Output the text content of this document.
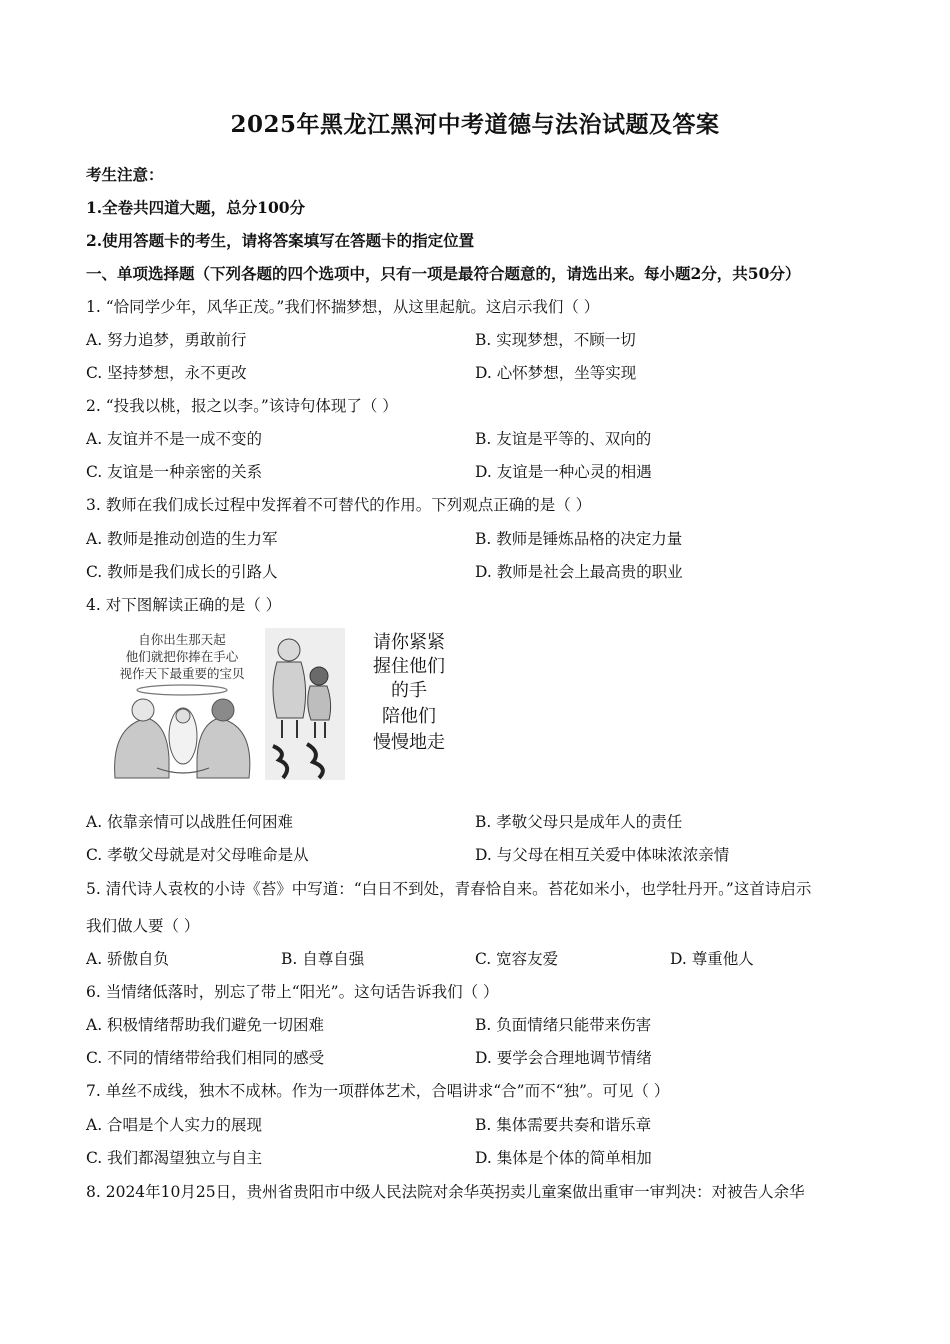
2025年黑龙江黑河中考道德与法治试题及答案
考生注意：
1.全卷共四道大题，总分100分
2.使用答题卡的考生，请将答案填写在答题卡的指定位置
一、单项选择题（下列各题的四个选项中，只有一项是最符合题意的，请选出来。每小题2分，共50分）
1. “恰同学少年，风华正茂。”我们怀揣梦想，从这里起航。这启示我们（ ）
A. 努力追梦，勇敢前行	B. 实现梦想，不顾一切
C. 坚持梦想，永不更改	D. 心怀梦想，坐等实现
2. “投我以桃，报之以李。”该诗句体现了（ ）
A. 友谊并不是一成不变的	B. 友谊是平等的、双向的
C. 友谊是一种亲密的关系	D. 友谊是一种心灵的相遇
3. 教师在我们成长过程中发挥着不可替代的作用。下列观点正确的是（ ）
A. 教师是推动创造的生力军	B. 教师是锤炼品格的决定力量
C. 教师是我们成长的引路人	D. 教师是社会上最高贵的职业
4. 对下图解读正确的是（ ）
自你出生那天起
他们就把你捧在手心
视作天下最重要的宝贝
请你紧紧
握住他们
的手
陪他们
慢慢地走
A. 依靠亲情可以战胜任何困难	B. 孝敬父母只是成年人的责任
C. 孝敬父母就是对父母唯命是从	D. 与父母在相互关爱中体味浓浓亲情
5. 清代诗人袁枚的小诗《苔》中写道：“白日不到处，青春恰自来。苔花如米小，也学牡丹开。”这首诗启示
我们做人要（ ）
A. 骄傲自负	B. 自尊自强	C. 宽容友爱	D. 尊重他人
6. 当情绪低落时，别忘了带上“阳光”。这句话告诉我们（ ）
A. 积极情绪帮助我们避免一切困难	B. 负面情绪只能带来伤害
C. 不同的情绪带给我们相同的感受	D. 要学会合理地调节情绪
7. 单丝不成线，独木不成林。作为一项群体艺术，合唱讲求“合”而不“独”。可见（ ）
A. 合唱是个人实力的展现	B. 集体需要共奏和谐乐章
C. 我们都渴望独立与自主	D. 集体是个体的简单相加
8. 2024年10月25日，贵州省贵阳市中级人民法院对余华英拐卖儿童案做出重审一审判决：对被告人余华
